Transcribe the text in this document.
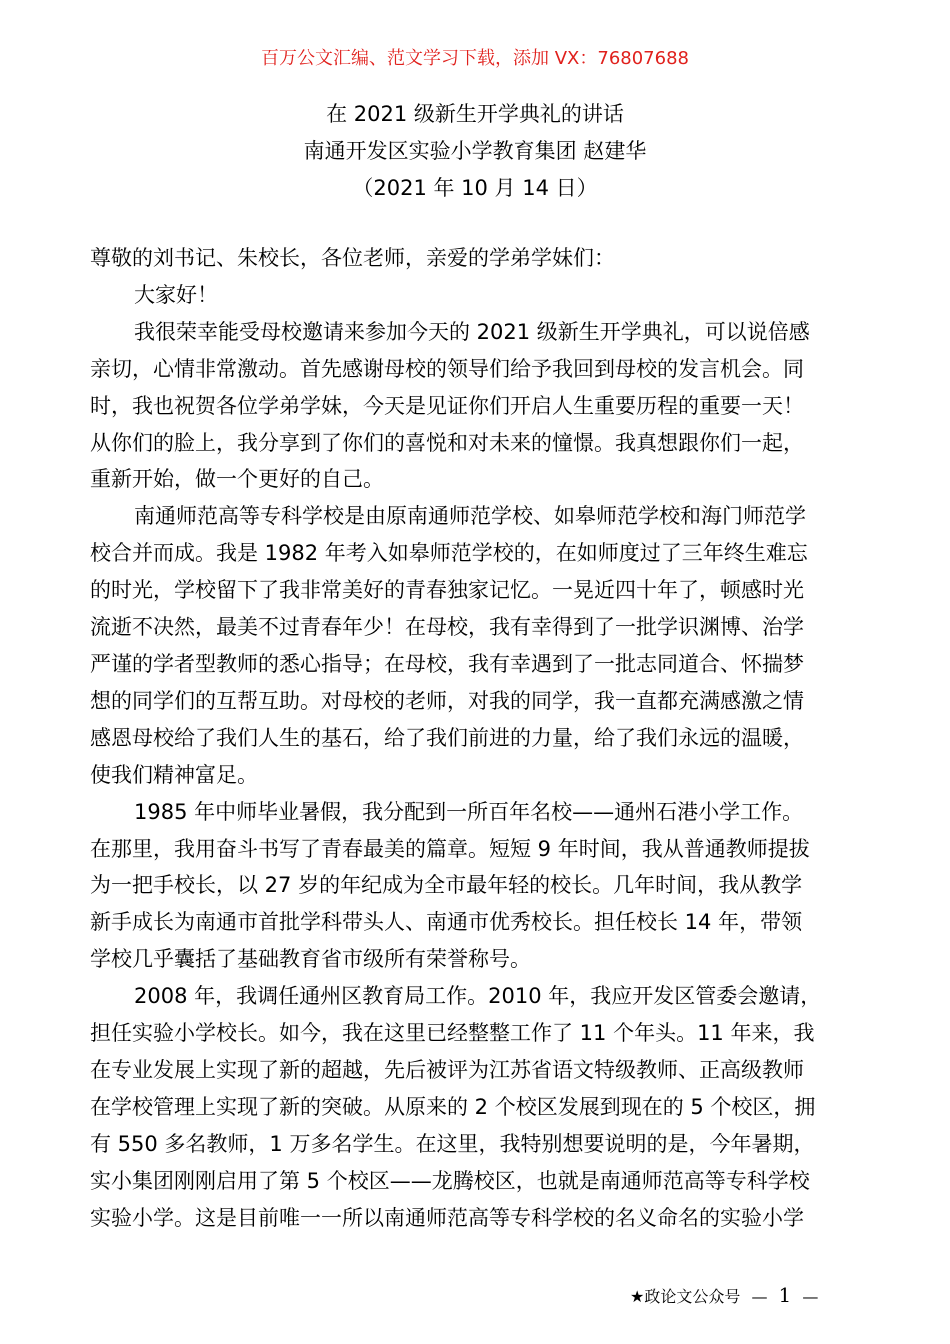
百万公文汇编、范文学习下载，添加 VX：76807688
在 2021 级新生开学典礼的讲话
南通开发区实验小学教育集团 赵建华
（2021 年 10 月 14 日）

尊敬的刘书记、朱校长，各位老师，亲爱的学弟学妹们：

大家好！

我很荣幸能受母校邀请来参加今天的 2021 级新生开学典礼，可以说倍感
亲切，心情非常激动。首先感谢母校的领导们给予我回到母校的发言机会。同
时，我也祝贺各位学弟学妹，今天是见证你们开启人生重要历程的重要一天！
从你们的脸上，我分享到了你们的喜悦和对未来的憧憬。我真想跟你们一起，
重新开始，做一个更好的自己。

南通师范高等专科学校是由原南通师范学校、如皋师范学校和海门师范学
校合并而成。我是 1982 年考入如皋师范学校的，在如师度过了三年终生难忘
的时光，学校留下了我非常美好的青春独家记忆。一晃近四十年了，顿感时光
流逝不决然，最美不过青春年少！在母校，我有幸得到了一批学识渊博、治学
严谨的学者型教师的悉心指导；在母校，我有幸遇到了一批志同道合、怀揣梦
想的同学们的互帮互助。对母校的老师，对我的同学，我一直都充满感激之情
感恩母校给了我们人生的基石，给了我们前进的力量，给了我们永远的温暖，
使我们精神富足。

1985 年中师毕业暑假，我分配到一所百年名校——通州石港小学工作。
在那里，我用奋斗书写了青春最美的篇章。短短 9 年时间，我从普通教师提拔
为一把手校长，以 27 岁的年纪成为全市最年轻的校长。几年时间，我从教学
新手成长为南通市首批学科带头人、南通市优秀校长。担任校长 14 年，带领
学校几乎囊括了基础教育省市级所有荣誉称号。

2008 年，我调任通州区教育局工作。2010 年，我应开发区管委会邀请，
担任实验小学校长。如今，我在这里已经整整工作了 11 个年头。11 年来，我
在专业发展上实现了新的超越，先后被评为江苏省语文特级教师、正高级教师
在学校管理上实现了新的突破。从原来的 2 个校区发展到现在的 5 个校区，拥
有 550 多名教师，1 万多名学生。在这里，我特别想要说明的是，今年暑期，
实小集团刚刚启用了第 5 个校区——龙腾校区，也就是南通师范高等专科学校
实验小学。这是目前唯一一所以南通师范高等专科学校的名义命名的实验小学

★政论文公众号 — 1 —
